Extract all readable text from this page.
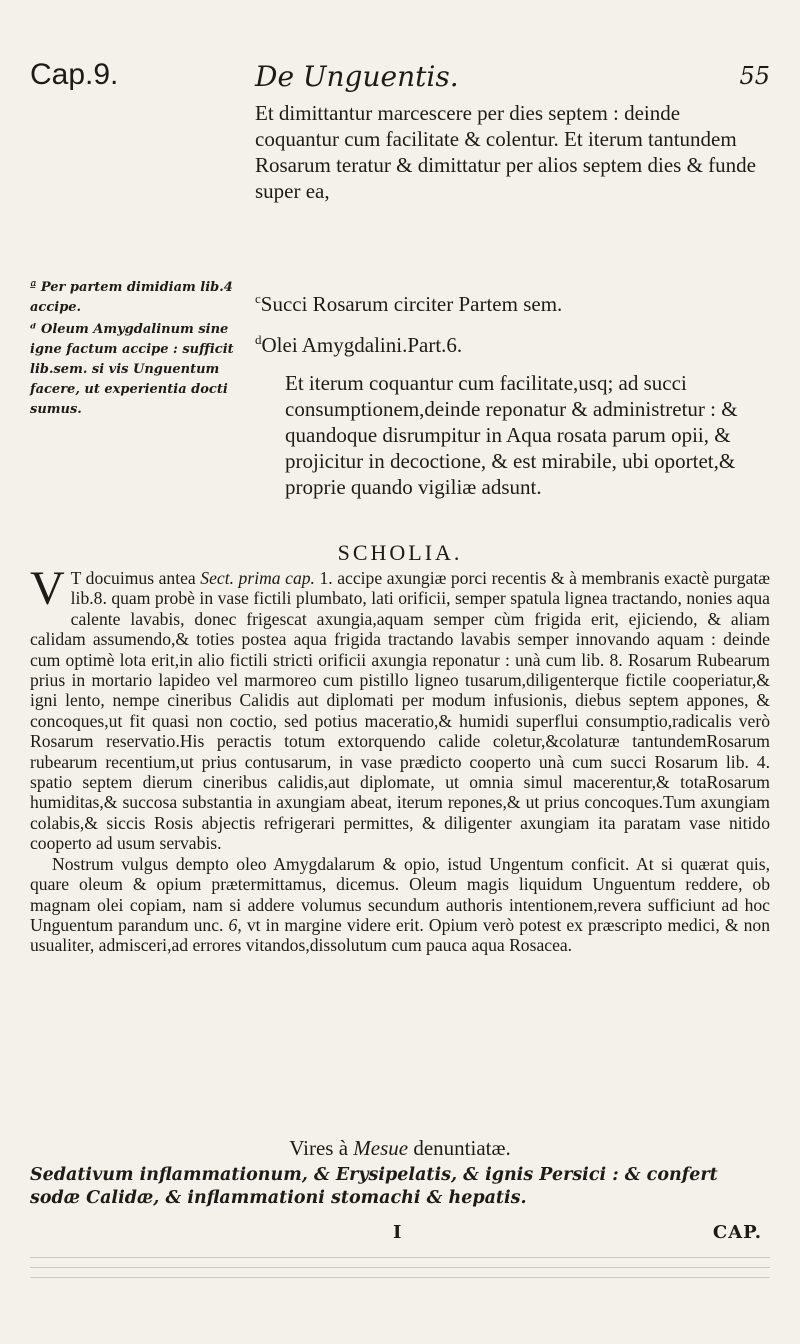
Cap.9.	De Unguentis.	55
Et dimittantur marcescere per dies septem : deinde coquantur cum facilitate & colentur. Et iterum tantundem Rosarum teratur & dimittatur per alios septem dies & funde super ea,

ª Per partem dimidiam lib.4 accipe.

ᵈ Oleum Amygdalinum sine igne factum accipe : sufficit lib.sem. si vis Unguentum facere, ut experientia docti sumus.

$^c$Succi Rosarum circiter Partem sem.
$^d$Olei Amygdalini.Part.6.
Et iterum coquantur cum facilitate,usq; ad succi consumptionem,deinde reponatur & administretur : & quandoque disrumpitur in Aqua rosata parum opii, & projicitur in decoctione, & est mirabile, ubi oportet,& proprie quando vigiliæ adsunt.
SCHOLIA.

V T docuimus antea Sect. prima cap. 1. accipe axungiæ porci recentis & à membranis exactè purgatæ lib.8. quam probè in vase fictili plumbato, lati orificii, semper spatula lignea tractando, nonies aqua calente lavabis, donec frigescat axungia,aquam semper cùm frigida erit, ejiciendo, & aliam calidam assumendo,& toties postea aqua frigida tractando lavabis semper innovando aquam : deinde cum optimè lota erit,in alio fictili stricti orificii axungia reponatur : unà cum lib. 8. Rosarum Rubearum prius in mortario lapideo vel marmoreo cum pistillo ligneo tusarum,diligenterque fictile cooperiatur,& igni lento, nempe cineribus Calidis aut diplomati per modum infusionis, diebus septem appones, & concoques,ut fit quasi non coctio, sed potius maceratio,& humidi superflui consumptio,radicalis verò Rosarum reservatio.His peractis totum extorquendo calide coletur,&colaturæ tantundemRosarum rubearum recentium,ut prius contusarum, in vase prædicto cooperto unà cum succi Rosarum lib. 4. spatio septem dierum cineribus calidis,aut diplomate, ut omnia simul macerentur,& totaRosarum humiditas,& succosa substantia in axungiam abeat, iterum repones,& ut prius concoques.Tum axungiam colabis,& siccis Rosis abjectis refrigerari permittes, & diligenter axungiam ita paratam vase nitido cooperto ad usum servabis.

Nostrum vulgus dempto oleo Amygdalarum & opio, istud Ungentum conficit. At si quærat quis, quare oleum & opium prætermittamus, dicemus. Oleum magis liquidum Unguentum reddere, ob magnam olei copiam, nam si addere volumus secundum authoris intentionem,revera sufficiunt ad hoc Unguentum parandum unc. 6, vt in margine videre erit. Opium verò potest ex præscripto medici, & non usualiter, admisceri,ad errores vitandos,dissolutum cum pauca aqua Rosacea.

Vires à Mesue denuntiatæ.
Sedativum inflammationum, & Erysipelatis, & ignis Persici : & confert sodæ Calidæ, & inflammationi stomachi & hepatis.
I	CAP.
